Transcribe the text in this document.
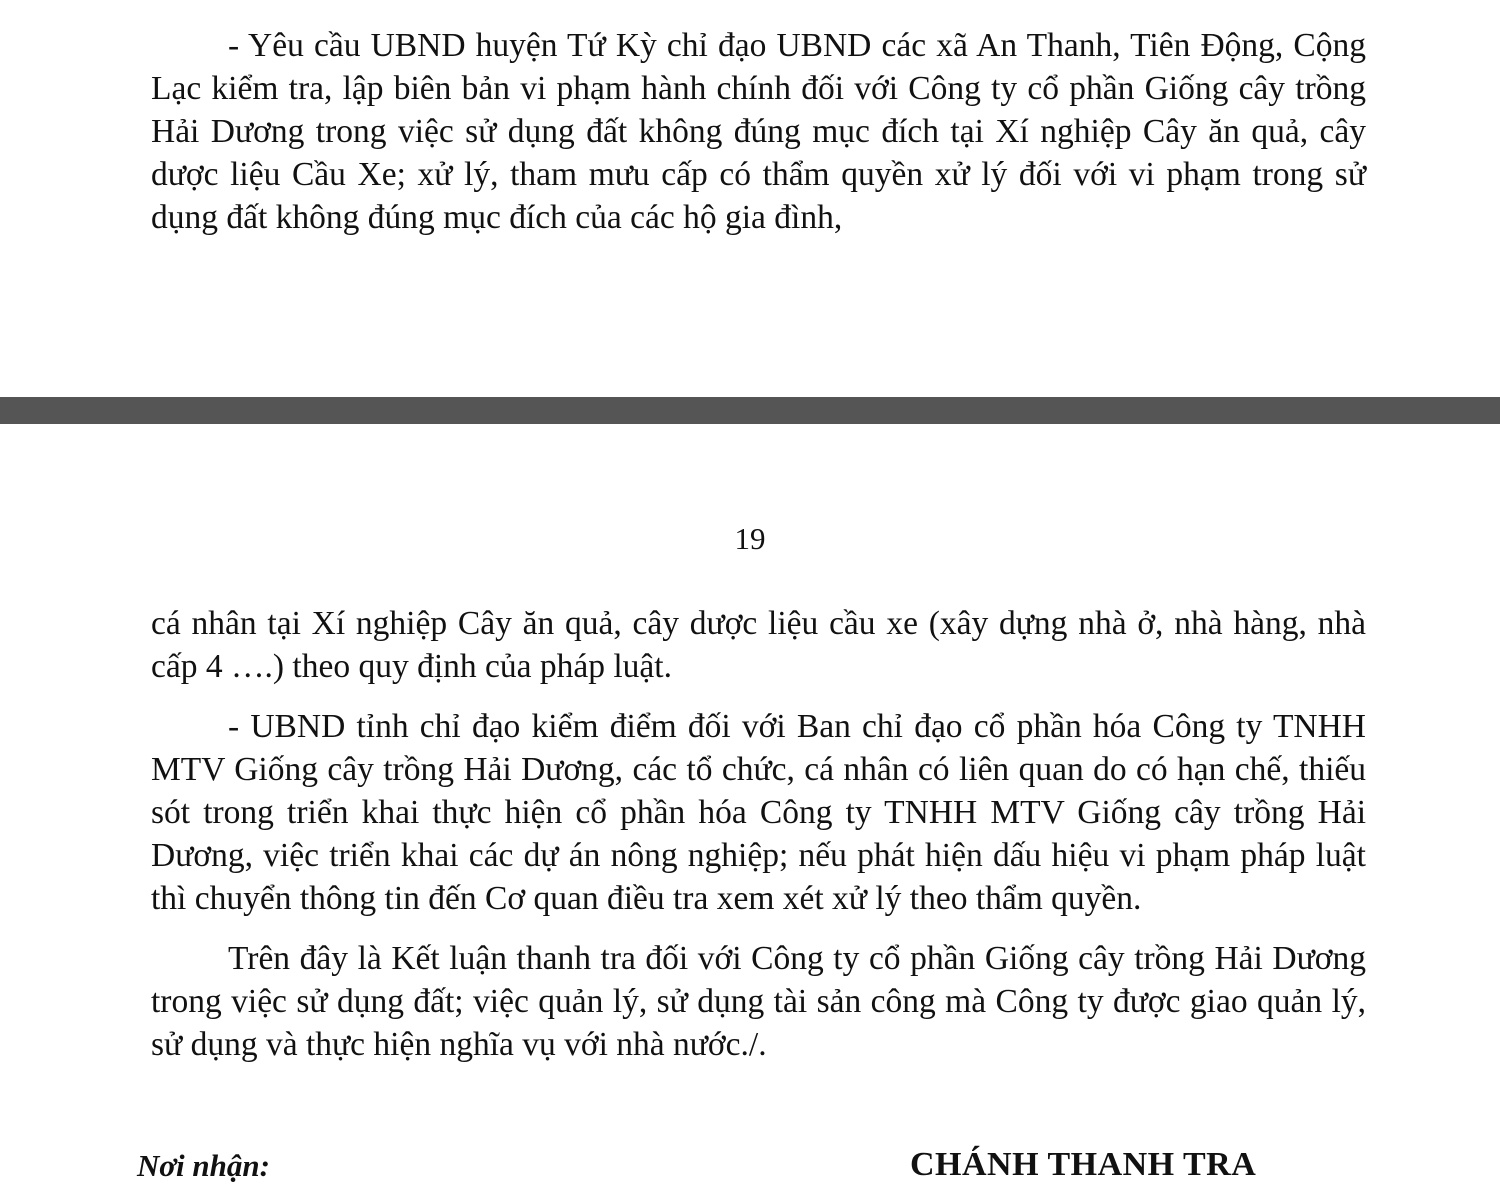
- Yêu cầu UBND huyện Tứ Kỳ chỉ đạo UBND các xã An Thanh, Tiên Động, Cộng Lạc kiểm tra, lập biên bản vi phạm hành chính đối với Công ty cổ phần Giống cây trồng Hải Dương trong việc sử dụng đất không đúng mục đích tại Xí nghiệp Cây ăn quả, cây dược liệu Cầu Xe; xử lý, tham mưu cấp có thẩm quyền xử lý đối với vi phạm trong sử dụng đất không đúng mục đích của các hộ gia đình,

19

cá nhân tại Xí nghiệp Cây ăn quả, cây dược liệu cầu xe (xây dựng nhà ở, nhà hàng, nhà cấp 4 ….) theo quy định của pháp luật.

- UBND tỉnh chỉ đạo kiểm điểm đối với Ban chỉ đạo cổ phần hóa Công ty TNHH MTV Giống cây trồng Hải Dương, các tổ chức, cá nhân có liên quan do có hạn chế, thiếu sót trong triển khai thực hiện cổ phần hóa Công ty TNHH MTV Giống cây trồng Hải Dương, việc triển khai các dự án nông nghiệp; nếu phát hiện dấu hiệu vi phạm pháp luật thì chuyển thông tin đến Cơ quan điều tra xem xét xử lý theo thẩm quyền.

Trên đây là Kết luận thanh tra đối với Công ty cổ phần Giống cây trồng Hải Dương trong việc sử dụng đất; việc quản lý, sử dụng tài sản công mà Công ty được giao quản lý, sử dụng và thực hiện nghĩa vụ với nhà nước./.

Nơi nhận:	CHÁNH THANH TRA
